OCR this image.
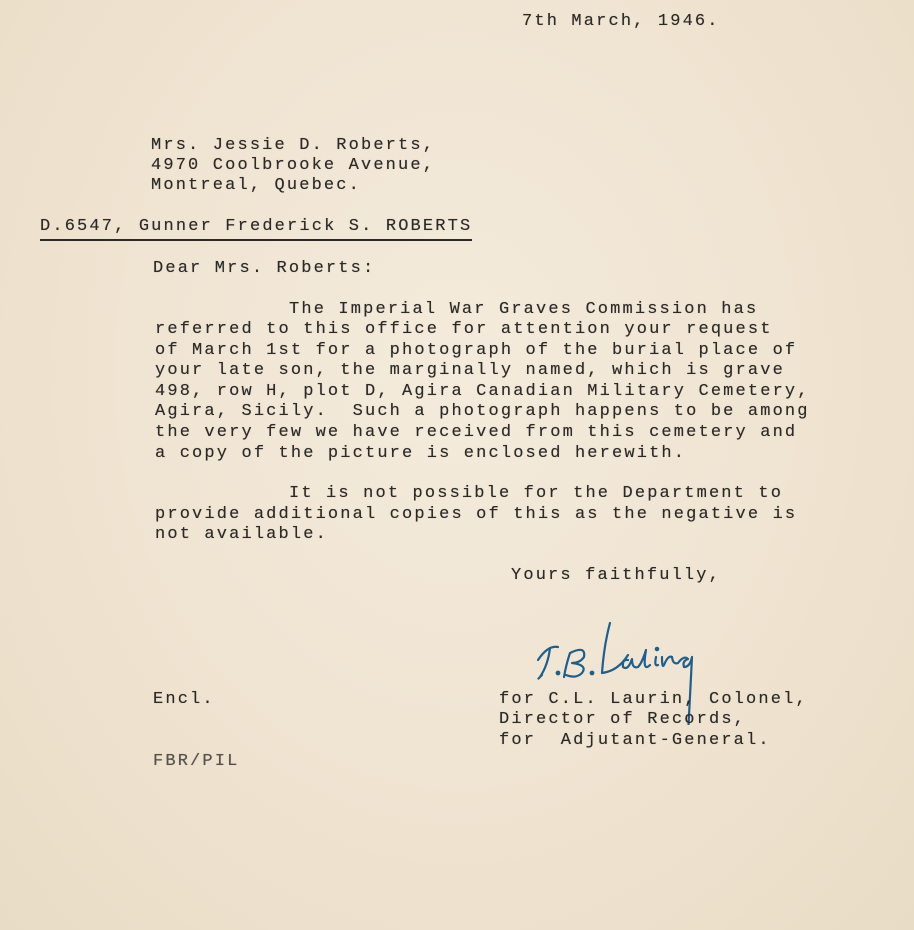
7th March, 1946.
Mrs. Jessie D. Roberts,
4970 Coolbrooke Avenue,
Montreal, Quebec.
D.6547, Gunner Frederick S. ROBERTS
Dear Mrs. Roberts:
The Imperial War Graves Commission has
referred to this office for attention your request
of March 1st for a photograph of the burial place of
your late son, the marginally named, which is grave
498, row H, plot D, Agira Canadian Military Cemetery,
Agira, Sicily.  Such a photograph happens to be among
the very few we have received from this cemetery and
a copy of the picture is enclosed herewith.
It is not possible for the Department to
provide additional copies of this as the negative is
not available.
Yours faithfully,
Encl.	for C.L. Laurin, Colonel,
Director of Records,
for  Adjutant-General.
FBR/PIL
